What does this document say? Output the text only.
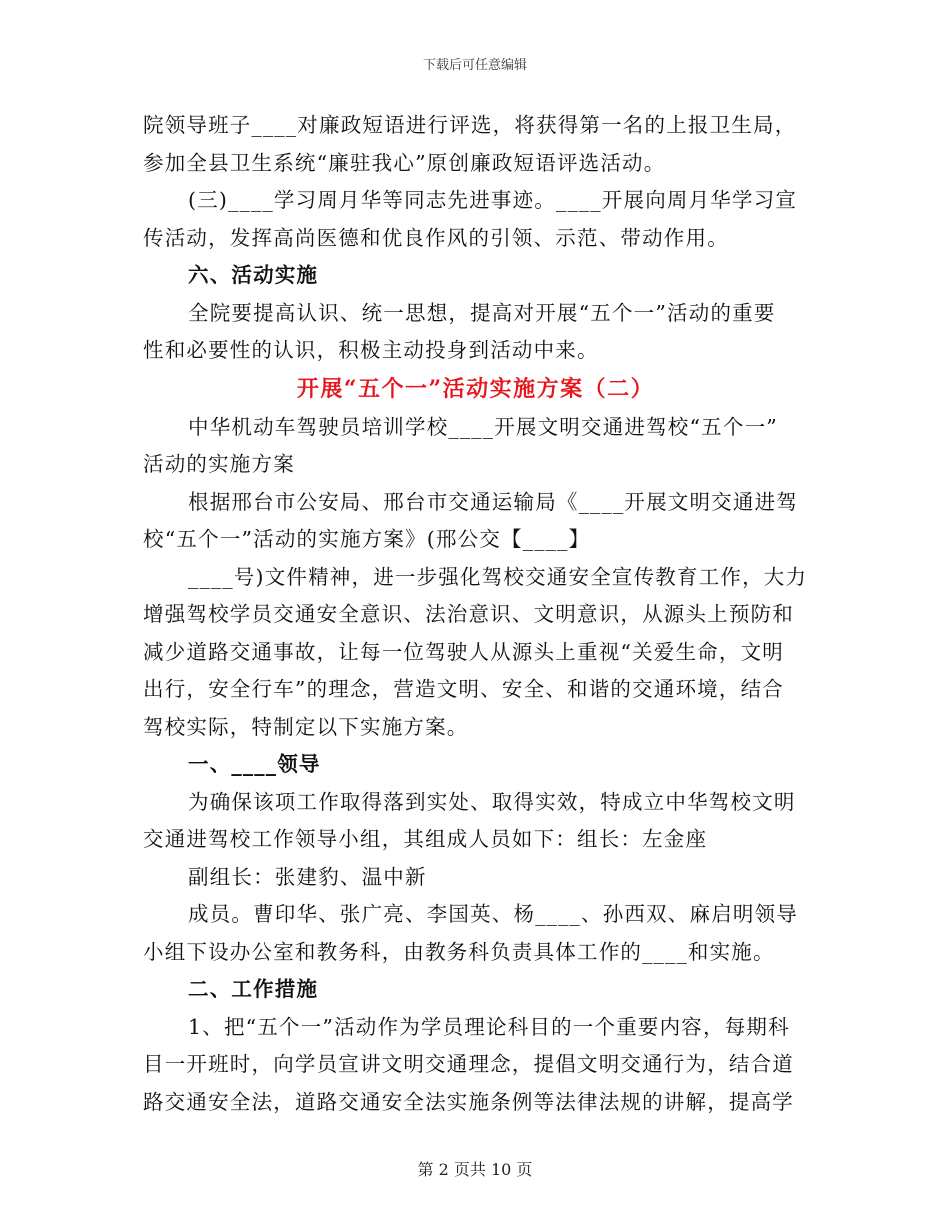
下载后可任意编辑

院领导班子____对廉政短语进行评选，将获得第一名的上报卫生局，

参加全县卫生系统“廉驻我心”原创廉政短语评选活动。

(三)____学习周月华等同志先进事迹。____开展向周月华学习宣

传活动，发挥高尚医德和优良作风的引领、示范、带动作用。

六、活动实施

全院要提高认识、统一思想，提高对开展“五个一”活动的重要

性和必要性的认识，积极主动投身到活动中来。

开展“五个一”活动实施方案（二）

中华机动车驾驶员培训学校____开展文明交通进驾校“五个一”

活动的实施方案

根据邢台市公安局、邢台市交通运输局《____开展文明交通进驾

校“五个一”活动的实施方案》(邢公交【____】

____号)文件精神，进一步强化驾校交通安全宣传教育工作，大力

增强驾校学员交通安全意识、法治意识、文明意识，从源头上预防和

减少道路交通事故，让每一位驾驶人从源头上重视“关爱生命，文明

出行，安全行车”的理念，营造文明、安全、和谐的交通环境，结合

驾校实际，特制定以下实施方案。

一、____领导

为确保该项工作取得落到实处、取得实效，特成立中华驾校文明

交通进驾校工作领导小组，其组成人员如下：组长：左金座

副组长：张建豹、温中新

成员。曹印华、张广亮、李国英、杨____、孙西双、麻启明领导

小组下设办公室和教务科，由教务科负责具体工作的____和实施。

二、工作措施

1、把“五个一”活动作为学员理论科目的一个重要内容，每期科

目一开班时，向学员宣讲文明交通理念，提倡文明交通行为，结合道

路交通安全法，道路交通安全法实施条例等法律法规的讲解，提高学

第 2 页共 10 页
